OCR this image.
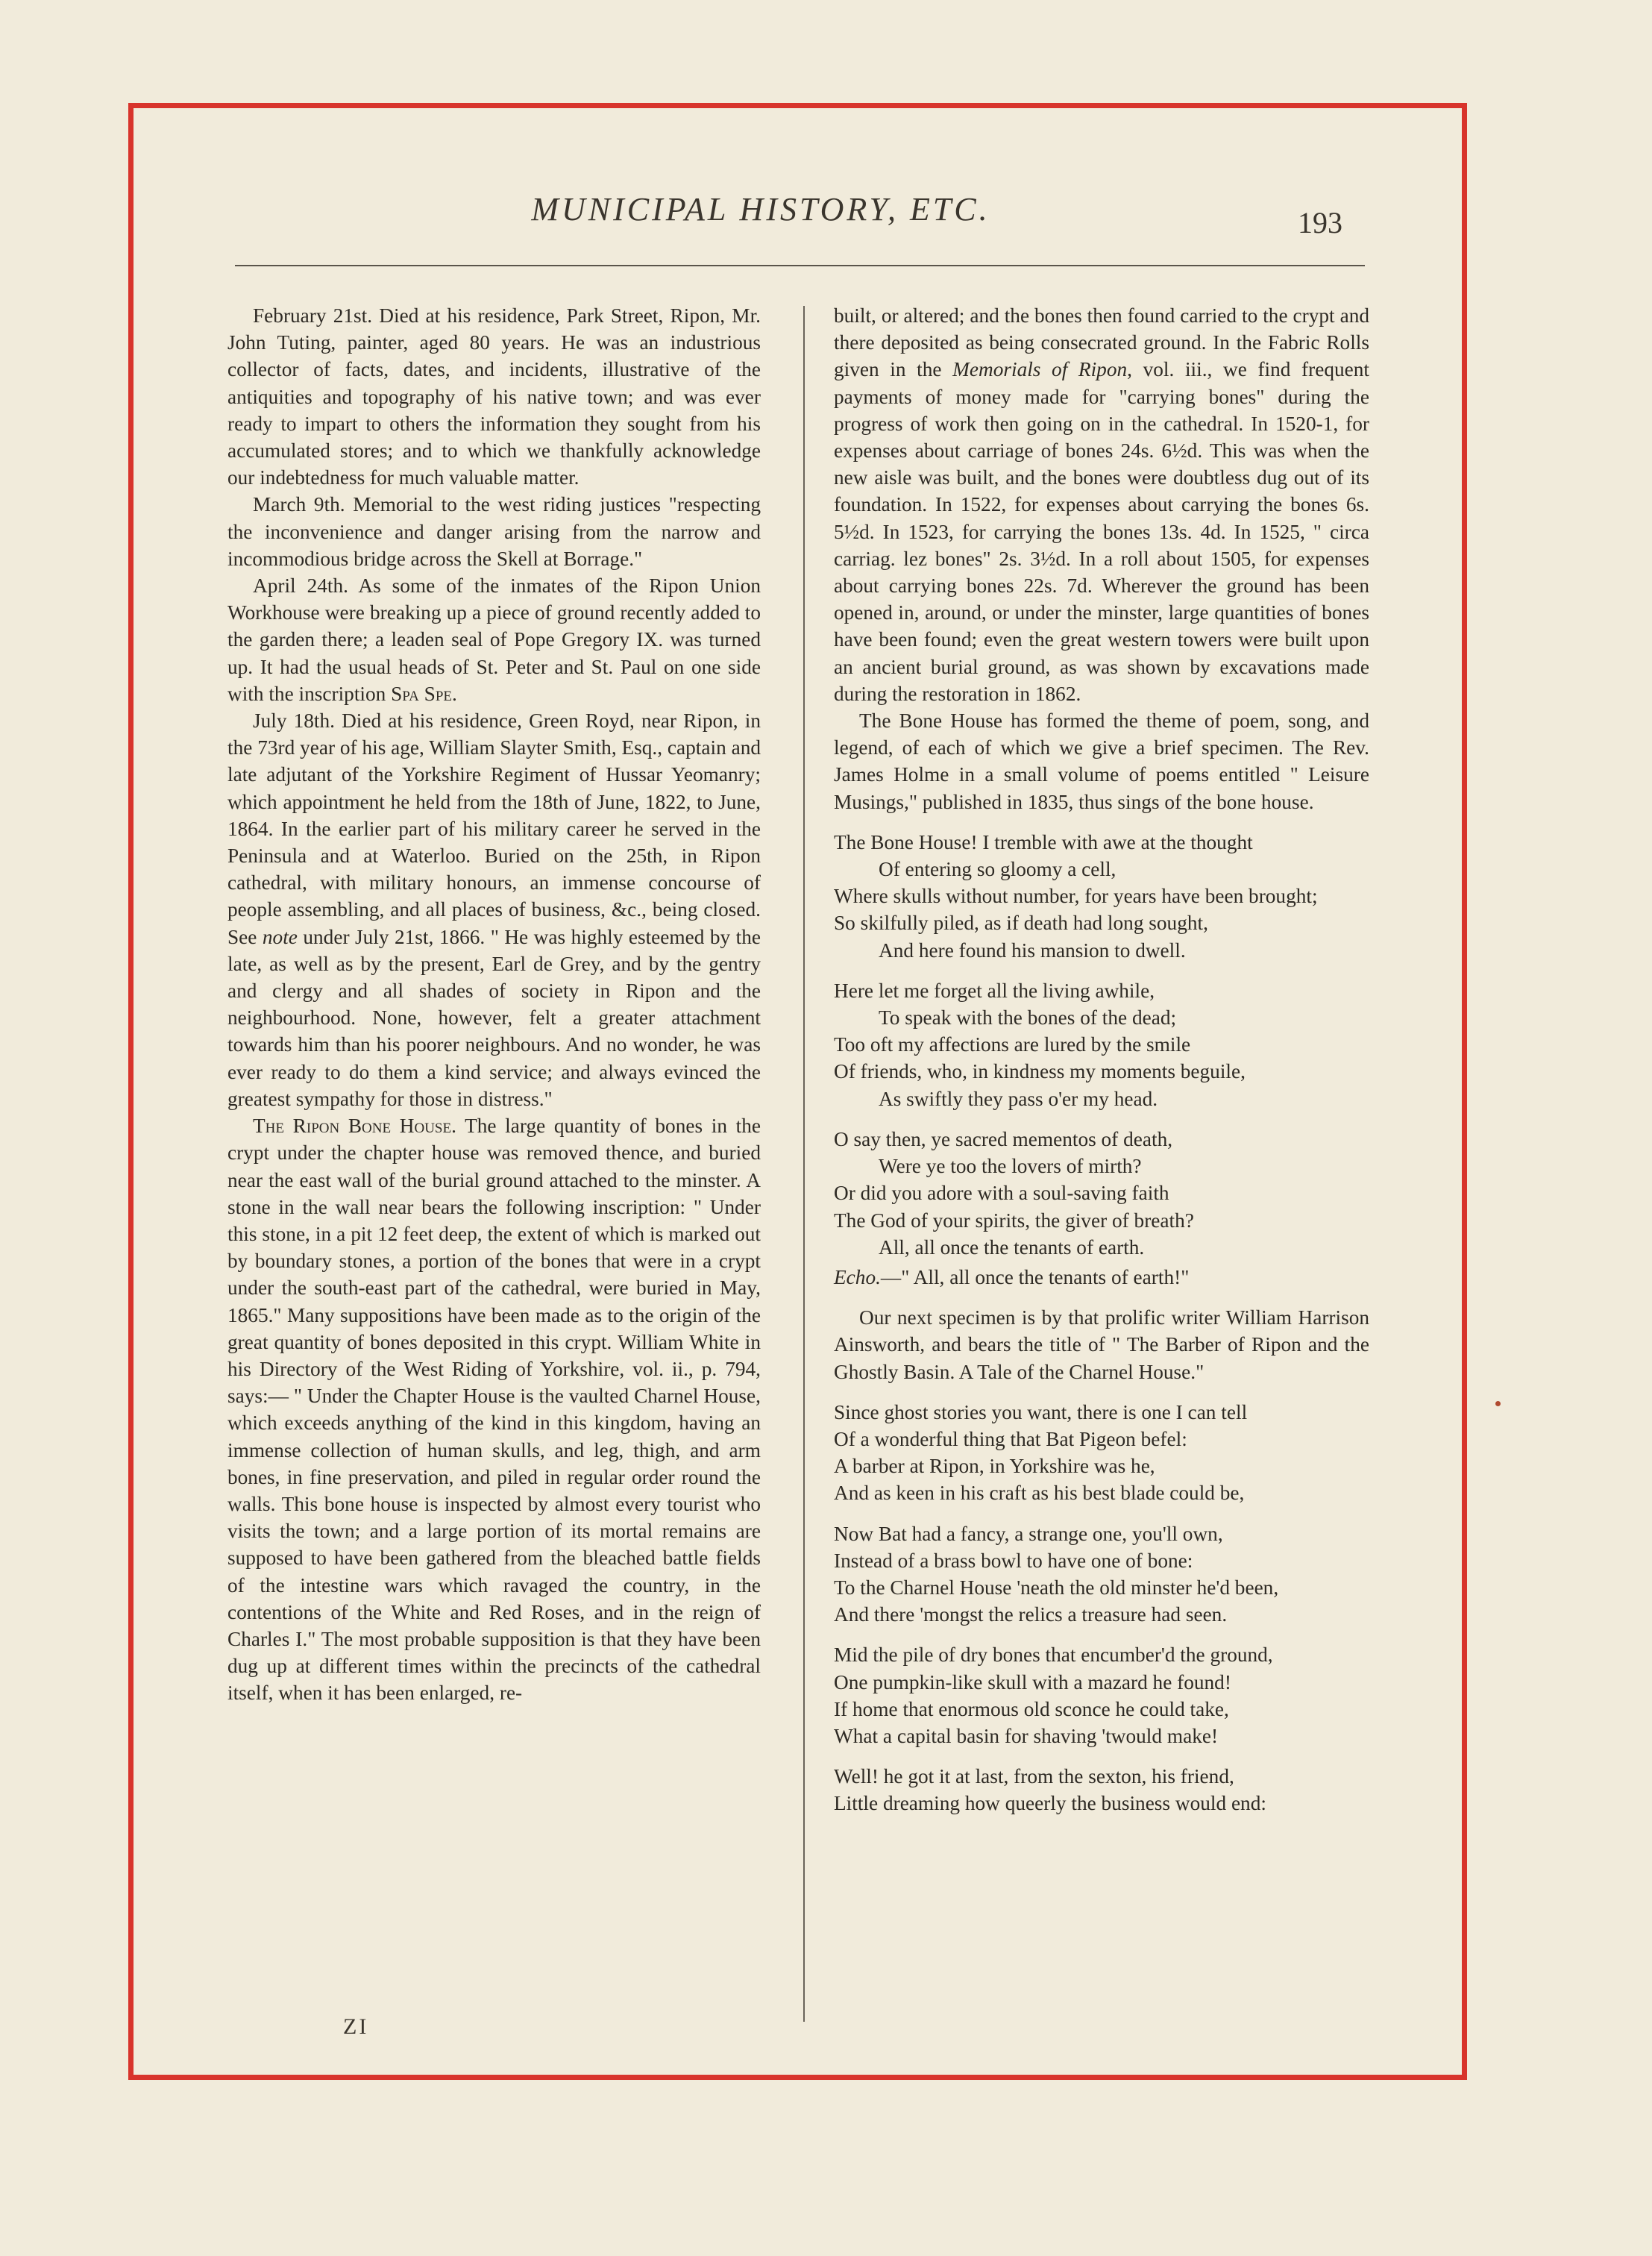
MUNICIPAL HISTORY, ETC.	193

February 21st. Died at his residence, Park Street, Ripon, Mr. John Tuting, painter, aged 80 years. He was an industrious collector of facts, dates, and incidents, illustrative of the antiquities and topography of his native town; and was ever ready to impart to others the information they sought from his accumulated stores; and to which we thankfully acknowledge our indebtedness for much valuable matter.

March 9th. Memorial to the west riding justices "respecting the inconvenience and danger arising from the narrow and incommodious bridge across the Skell at Borrage."

April 24th. As some of the inmates of the Ripon Union Workhouse were breaking up a piece of ground recently added to the garden there; a leaden seal of Pope Gregory IX. was turned up. It had the usual heads of St. Peter and St. Paul on one side with the inscription Spa Spe.

July 18th. Died at his residence, Green Royd, near Ripon, in the 73rd year of his age, William Slayter Smith, Esq., captain and late adjutant of the Yorkshire Regiment of Hussar Yeomanry; which appointment he held from the 18th of June, 1822, to June, 1864. In the earlier part of his military career he served in the Peninsula and at Waterloo. Buried on the 25th, in Ripon cathedral, with military honours, an immense concourse of people assembling, and all places of business, &c., being closed. See note under July 21st, 1866. " He was highly esteemed by the late, as well as by the present, Earl de Grey, and by the gentry and clergy and all shades of society in Ripon and the neighbourhood. None, however, felt a greater attachment towards him than his poorer neighbours. And no wonder, he was ever ready to do them a kind service; and always evinced the greatest sympathy for those in distress."

The Ripon Bone House. The large quantity of bones in the crypt under the chapter house was removed thence, and buried near the east wall of the burial ground attached to the minster. A stone in the wall near bears the following inscription: " Under this stone, in a pit 12 feet deep, the extent of which is marked out by boundary stones, a portion of the bones that were in a crypt under the south-east part of the cathedral, were buried in May, 1865." Many suppositions have been made as to the origin of the great quantity of bones deposited in this crypt. William White in his Directory of the West Riding of Yorkshire, vol. ii., p. 794, says:— " Under the Chapter House is the vaulted Charnel House, which exceeds anything of the kind in this kingdom, having an immense collection of human skulls, and leg, thigh, and arm bones, in fine preservation, and piled in regular order round the walls. This bone house is inspected by almost every tourist who visits the town; and a large portion of its mortal remains are supposed to have been gathered from the bleached battle fields of the intestine wars which ravaged the country, in the contentions of the White and Red Roses, and in the reign of Charles I." The most probable supposition is that they have been dug up at different times within the precincts of the cathedral itself, when it has been enlarged, re-

built, or altered; and the bones then found carried to the crypt and there deposited as being consecrated ground. In the Fabric Rolls given in the Memorials of Ripon, vol. iii., we find frequent payments of money made for "carrying bones" during the progress of work then going on in the cathedral. In 1520-1, for expenses about carriage of bones 24s. 6½d. This was when the new aisle was built, and the bones were doubtless dug out of its foundation. In 1522, for expenses about carrying the bones 6s. 5½d. In 1523, for carrying the bones 13s. 4d. In 1525, " circa carriag. lez bones" 2s. 3½d. In a roll about 1505, for expenses about carrying bones 22s. 7d. Wherever the ground has been opened in, around, or under the minster, large quantities of bones have been found; even the great western towers were built upon an ancient burial ground, as was shown by excavations made during the restoration in 1862.

The Bone House has formed the theme of poem, song, and legend, of each of which we give a brief specimen. The Rev. James Holme in a small volume of poems entitled " Leisure Musings," published in 1835, thus sings of the bone house.

The Bone House! I tremble with awe at the thought
Of entering so gloomy a cell,
Where skulls without number, for years have been brought;
So skilfully piled, as if death had long sought,
And here found his mansion to dwell.
Here let me forget all the living awhile,
To speak with the bones of the dead;
Too oft my affections are lured by the smile
Of friends, who, in kindness my moments beguile,
As swiftly they pass o'er my head.
O say then, ye sacred mementos of death,
Were ye too the lovers of mirth?
Or did you adore with a soul-saving faith
The God of your spirits, the giver of breath?
All, all once the tenants of earth.
Echo.—" All, all once the tenants of earth!"

Our next specimen is by that prolific writer William Harrison Ainsworth, and bears the title of " The Barber of Ripon and the Ghostly Basin. A Tale of the Charnel House."

Since ghost stories you want, there is one I can tell
Of a wonderful thing that Bat Pigeon befel:
A barber at Ripon, in Yorkshire was he,
And as keen in his craft as his best blade could be,
Now Bat had a fancy, a strange one, you'll own,
Instead of a brass bowl to have one of bone:
To the Charnel House 'neath the old minster he'd been,
And there 'mongst the relics a treasure had seen.
Mid the pile of dry bones that encumber'd the ground,
One pumpkin-like skull with a mazard he found!
If home that enormous old sconce he could take,
What a capital basin for shaving 'twould make!
Well! he got it at last, from the sexton, his friend,
Little dreaming how queerly the business would end:
ZI
